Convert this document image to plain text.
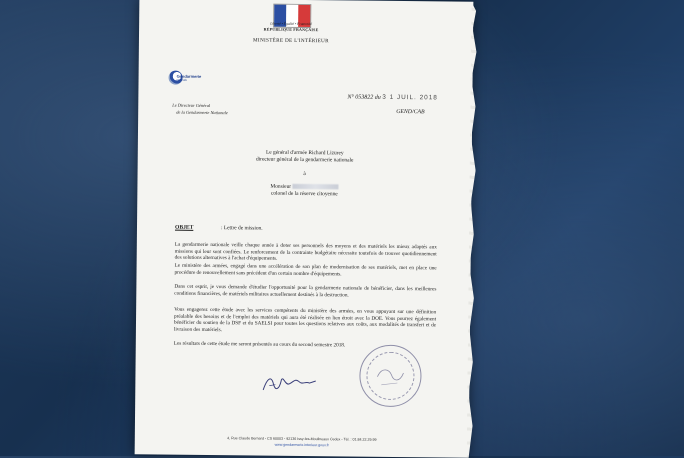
Liberté • Égalité • Fraternité
RÉPUBLIQUE FRANÇAISE
MINISTÈRE DE L'INTÉRIEUR
Gendarmerie
nationale
Le Directeur Général
de la Gendarmerie Nationale
N° 053822 du 3 1 JUIL. 2018
GEND/CAB
Le général d'armée Richard Lizurey
directeur général de la gendarmerie nationale
à
Monsieur
colonel de la réserve citoyenne
OBJET	: Lettre de mission.
La gendarmerie nationale veille chaque année à doter ses personnels des moyens et des matériels les mieux adaptés aux missions qui leur sont confiées. Le renforcement de la contrainte budgétaire nécessite toutefois de trouver quotidiennement des solutions alternatives à l'achat d'équipements.
Le ministère des armées, engagé dans une accélération de son plan de modernisation de ses matériels, met en place une procédure de renouvellement sans précédent d'un certain nombre d'équipements.
Dans cet esprit, je vous demande d'étudier l'opportunité pour la gendarmerie nationale de bénéficier, dans les meilleures conditions financières, de matériels militaires actuellement destinés à la destruction.
Vous engagerez cette étude avec les services compétents du ministère des armées, en vous appuyant sur une définition préalable des besoins et de l'emploi des matériels qui aura été réalisée en lien étroit avec la DOE. Vous pourrez également bénéficier du soutien de la DSF et du SAELSI pour toutes les questions relatives aux coûts, aux modalités de transfert et de livraison des matériels.
Les résultats de cette étude me seront présentés au cours du second semestre 2018.
4, Rue Claude Bernard - CS 60003 - 92136 Issy-les-Moulineaux Cedex - Tél. : 01.84.22.29.99
www.gendarmerie.interieur.gouv.fr
